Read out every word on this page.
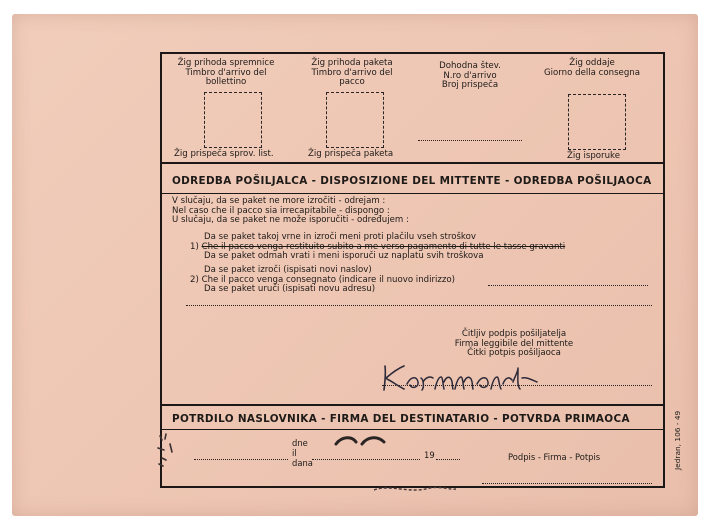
Žig prihoda spremnice
Timbro d'arrivo del
bollettino
Žig prispeča sprov. list.
Žig prihoda paketa
Timbro d'arrivo del
pacco
Žig prispeča paketa
Dohodna štev.
N.ro d'arrivo
Broj prispeča
Žig oddaje
Giorno della consegna
Žig isporuke
ODREDBA POŠILJALCA - DISPOSIZIONE DEL MITTENTE - ODREDBA POŠILJAOCA
V slučaju, da se paket ne more izročiti - odrejam :
Nel caso che il pacco sia irrecapitabile - dispongo :
U slučaju, da se paket ne može isporučiti - određujem :
Da se paket takoj vrne in izroči meni proti plačilu vseh stroškov
1) Che il pacco venga restituito subito a me verso pagamento di tutte le tasse gravanti
Da se paket odmah vrati i meni isporuči uz naplatu svih troškova
Da se paket izroči (ispisati novi naslov)
2) Che il pacco venga consegnato (indicare il nuovo indirizzo)
Da se paket uruči (ispisati novu adresu)
Čitljiv podpis pošiljatelja
Firma leggibile del mittente
Čitki potpis pošiljaoca
POTRDILO NASLOVNIKA - FIRMA DEL DESTINATARIO - POTVRDA PRIMAOCA
dne
il
dana
19	Podpis - Firma - Potpis	Jedran, 106 - 49
